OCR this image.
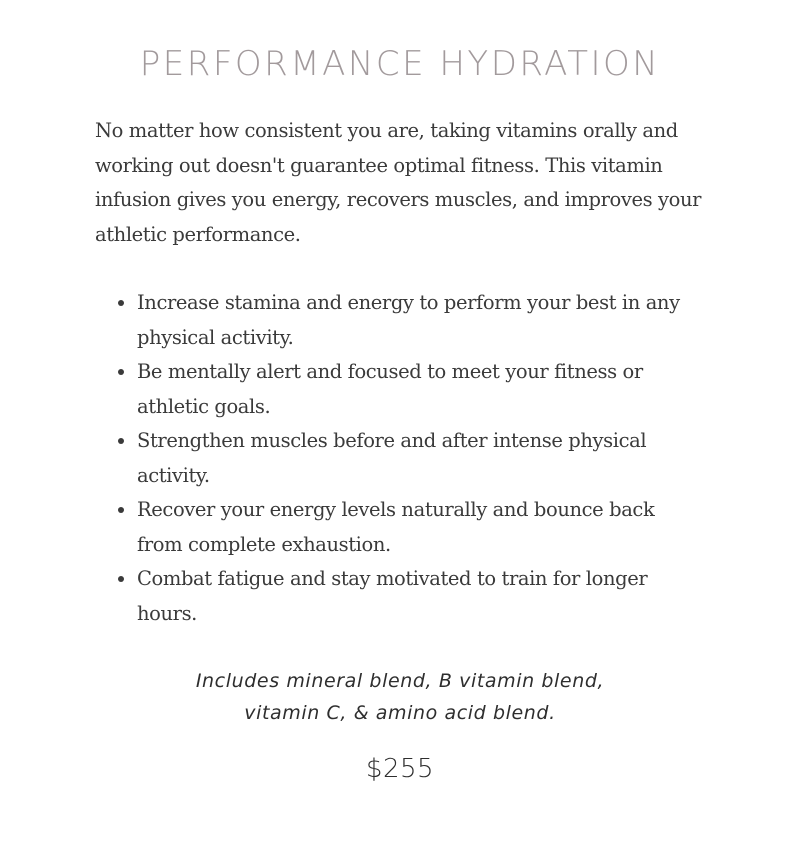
PERFORMANCE HYDRATION

No matter how consistent you are, taking vitamins orally and working out doesn't guarantee optimal fitness. This vitamin infusion gives you energy, recovers muscles, and improves your athletic performance.

• Increase stamina and energy to perform your best in any physical activity.
• Be mentally alert and focused to meet your fitness or athletic goals.
• Strengthen muscles before and after intense physical activity.
• Recover your energy levels naturally and bounce back from complete exhaustion.
• Combat fatigue and stay motivated to train for longer hours.

Includes mineral blend, B vitamin blend,
vitamin C, & amino acid blend.

$255
